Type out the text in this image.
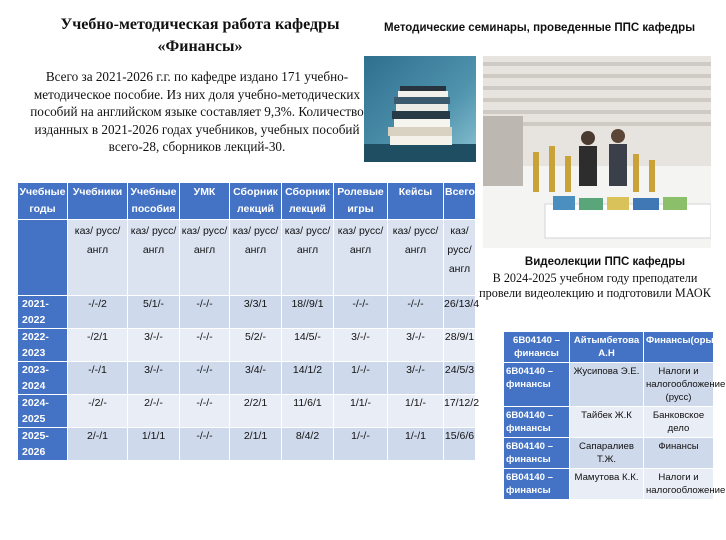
Учебно-методическая работа кафедры «Финансы»
Всего за 2021-2026 г.г. по кафедре издано 171 учебно-методическое пособие. Из них доля учебно-методических пособий на английском языке составляет 9,3%. Количество изданных в 2021-2026 годах учебников, учебных пособий всего-28, сборников лекций-30.
Методические семинары, проведенные ППС кафедры
Видеолекции ППС кафедры
В 2024-2025 учебном году преподатели провели видеолекцию и подготовили МАОК
Учебные годы	Учебники	Учебные пособия	УМК	Сборник лекций	Сборник лекций	Ролевые игры	Кейсы	Всего
	каз/ русс/ англ	каз/ русс/ англ	каз/ русс/ англ	каз/ русс/ англ	каз/ русс/ англ	каз/ русс/ англ	каз/ русс/ англ	каз/ русс/ англ
2021-2022	-/-/2	5/1/-	-/-/-	3/3/1	18//9/1	-/-/-	-/-/-	26/13/4
2022-2023	-/2/1	3/-/-	-/-/-	5/2/-	14/5/-	3/-/-	3/-/-	28/9/1
2023-2024	-/-/1	3/-/-	-/-/-	3/4/-	14/1/2	1/-/-	3/-/-	24/5/3
2024-2025	-/2/-	2/-/-	-/-/-	2/2/1	11/6/1	1/1/-	1/1/-	17/12/2
2025-2026	2/-/1	1/1/1	-/-/-	2/1/1	8/4/2	1/-/-	1/-/1	15/6/6
6В04140 – финансы	Айтымбетова А.Н	Финансы(орыс)
6В04140 – финансы	Жусипова Э.Е.	Налоги и налогообложение (русс)
6В04140 – финансы	Тайбек Ж.К	Банковское дело
6В04140 – финансы	Сапаралиев Т.Ж.	Финансы
6В04140 – финансы	Мамутова К.К.	Налоги и налогообложение
